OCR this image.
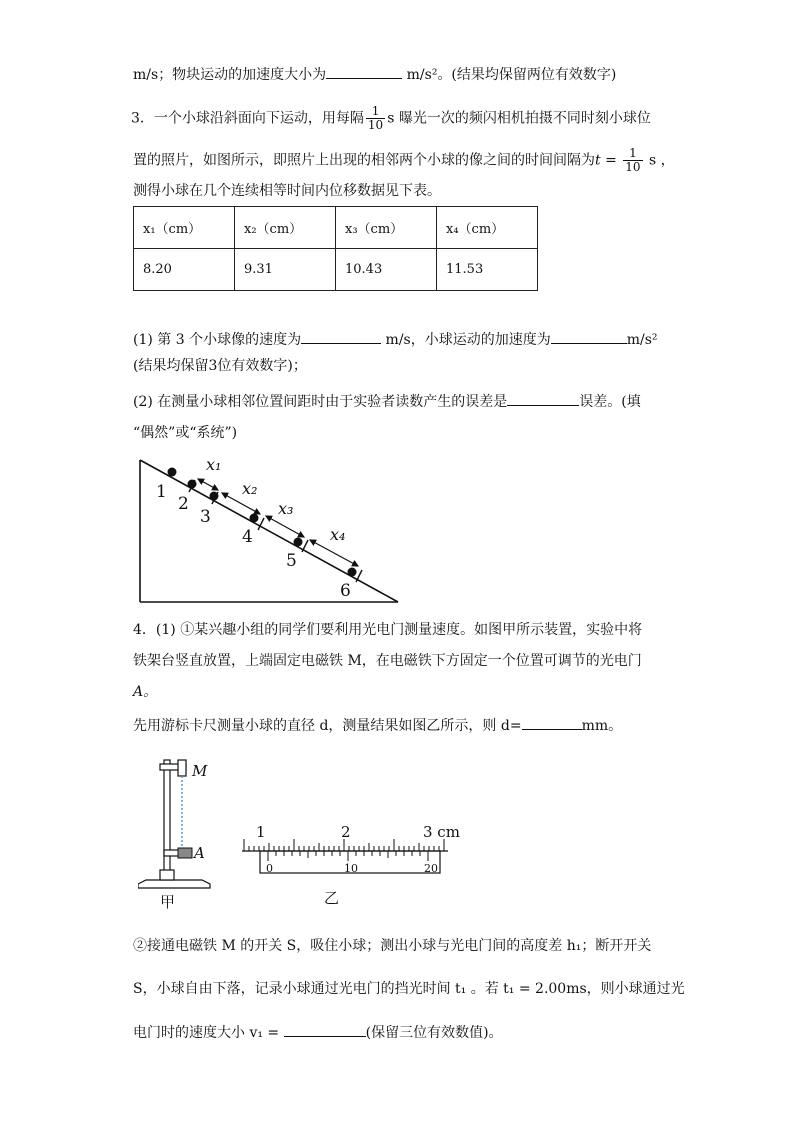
m/s；物块运动的加速度大小为	m/s²。(结果均保留两位有效数字)
3．一个小球沿斜面向下运动，用每隔 $\frac{1}{10}$ s 曝光一次的频闪相机拍摄不同时刻小球位
置的照片，如图所示，即照片上出现的相邻两个小球的像之间的时间间隔为$t = \frac{1}{10}$ s ，
测得小球在几个连续相等时间内位移数据见下表。
x₁（cm）	x₂（cm）	x₃（cm）	x₄（cm）
8.20	9.31	10.43	11.53
(1) 第 3 个小球像的速度为	m/s，小球运动的加速度为	m/s²
(结果均保留3位有效数字)；
(2) 在测量小球相邻位置间距时由于实验者读数产生的误差是	误差。(填
“偶然”或“系统”)
1
2
3
4
5
6
x₁
x₂
x₃
x₄
4．(1) ①某兴趣小组的同学们要利用光电门测量速度。如图甲所示装置，实验中将
铁架台竖直放置，上端固定电磁铁 M，在电磁铁下方固定一个位置可调节的光电门
A。
先用游标卡尺测量小球的直径 d，测量结果如图乙所示，则 d=	mm。
M
A
甲
1	2	3 cm
0	10	20
乙
②接通电磁铁 M 的开关 S，吸住小球；测出小球与光电门间的高度差 h₁；断开开关
S，小球自由下落，记录小球通过光电门的挡光时间 t₁ 。若 t₁ = 2.00ms，则小球通过光
电门时的速度大小 v₁ =	(保留三位有效数值)。
